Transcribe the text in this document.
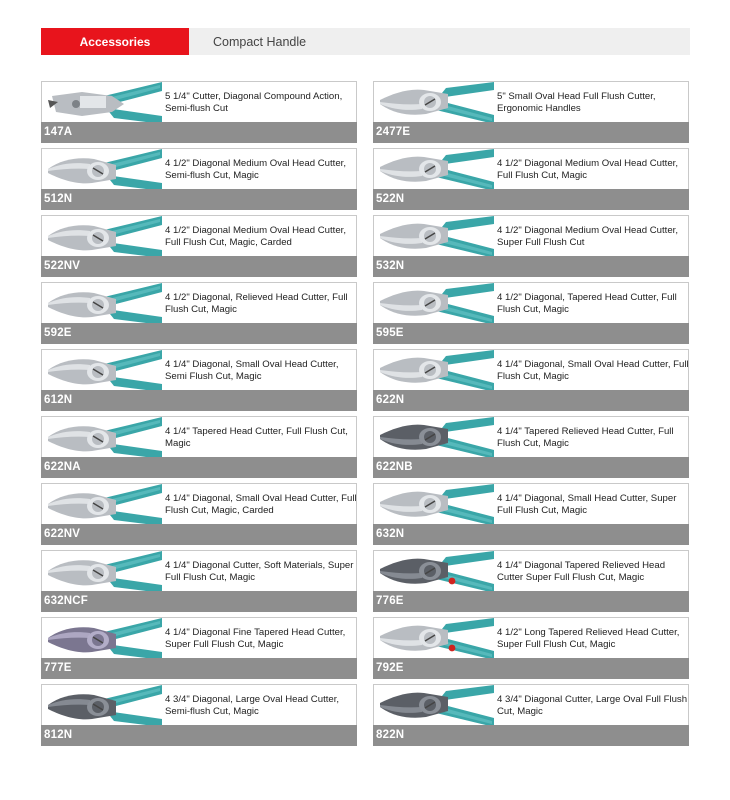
Accessories	Compact Handle
5 1/4" Cutter, Diagonal Compound Action, Semi-flush Cut
147A
5" Small Oval Head Full Flush Cutter, Ergonomic Handles
2477E
4 1/2" Diagonal Medium Oval Head Cutter, Semi-flush Cut, Magic
512N
4 1/2" Diagonal Medium Oval Head Cutter, Full Flush Cut, Magic
522N
4 1/2" Diagonal Medium Oval Head Cutter, Full Flush Cut, Magic, Carded
522NV
4 1/2" Diagonal Medium Oval Head Cutter, Super Full Flush Cut
532N
4 1/2" Diagonal, Relieved Head Cutter, Full Flush Cut, Magic
592E
4 1/2" Diagonal, Tapered Head Cutter, Full Flush Cut, Magic
595E
4 1/4" Diagonal, Small Oval Head Cutter, Semi Flush Cut, Magic
612N
4 1/4" Diagonal, Small Oval Head Cutter, Full Flush Cut, Magic
622N
4 1/4" Tapered Head Cutter, Full Flush Cut, Magic
622NA
4 1/4" Tapered Relieved Head Cutter, Full Flush Cut, Magic
622NB
4 1/4" Diagonal, Small Oval Head Cutter, Full Flush Cut, Magic, Carded
622NV
4 1/4" Diagonal, Small Head Cutter, Super Full Flush Cut, Magic
632N
4 1/4" Diagonal Cutter, Soft Materials, Super Full Flush Cut, Magic
632NCF
4 1/4" Diagonal Tapered Relieved Head Cutter Super Full Flush Cut, Magic
776E
4 1/4" Diagonal Fine Tapered Head Cutter, Super Full Flush Cut, Magic
777E
4 1/2" Long Tapered Relieved Head Cutter, Super Full Flush Cut, Magic
792E
4 3/4" Diagonal, Large Oval Head Cutter, Semi-flush Cut, Magic
812N
4 3/4" Diagonal Cutter, Large Oval Full Flush Cut, Magic
822N
